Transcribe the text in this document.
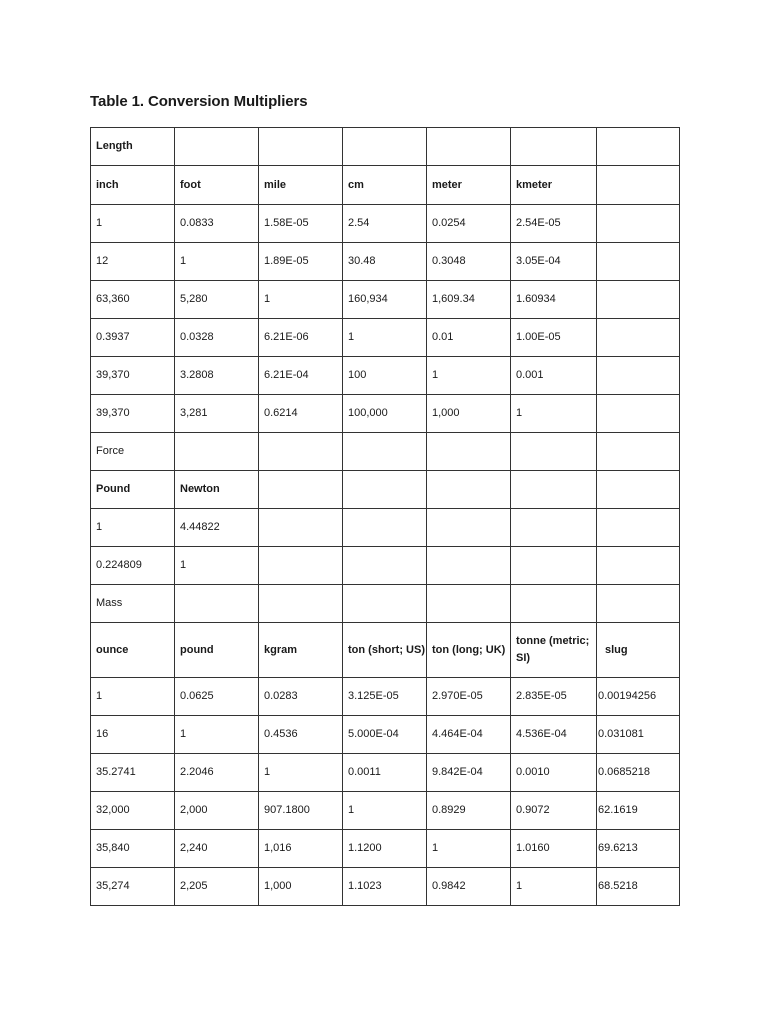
Table 1. Conversion Multipliers
Length						
inch	foot	mile	cm	meter	kmeter	
1	0.0833	1.58E-05	2.54	0.0254	2.54E-05	
12	1	1.89E-05	30.48	0.3048	3.05E-04	
63,360	5,280	1	160,934	1,609.34	1.60934	
0.3937	0.0328	6.21E-06	1	0.01	1.00E-05	
39,370	3.2808	6.21E-04	100	1	0.001	
39,370	3,281	0.6214	100,000	1,000	1	
Force						
Pound	Newton					
1	4.44822					
0.224809	1					
Mass						
ounce	pound	kgram	ton (short; US)	ton (long; UK)	tonne (metric; SI)	slug
1	0.0625	0.0283	3.125E-05	2.970E-05	2.835E-05	0.00194256
16	1	0.4536	5.000E-04	4.464E-04	4.536E-04	0.031081
35.2741	2.2046	1	0.0011	9.842E-04	0.0010	0.0685218
32,000	2,000	907.1800	1	0.8929	0.9072	62.1619
35,840	2,240	1,016	1.1200	1	1.0160	69.6213
35,274	2,205	1,000	1.1023	0.9842	1	68.5218
